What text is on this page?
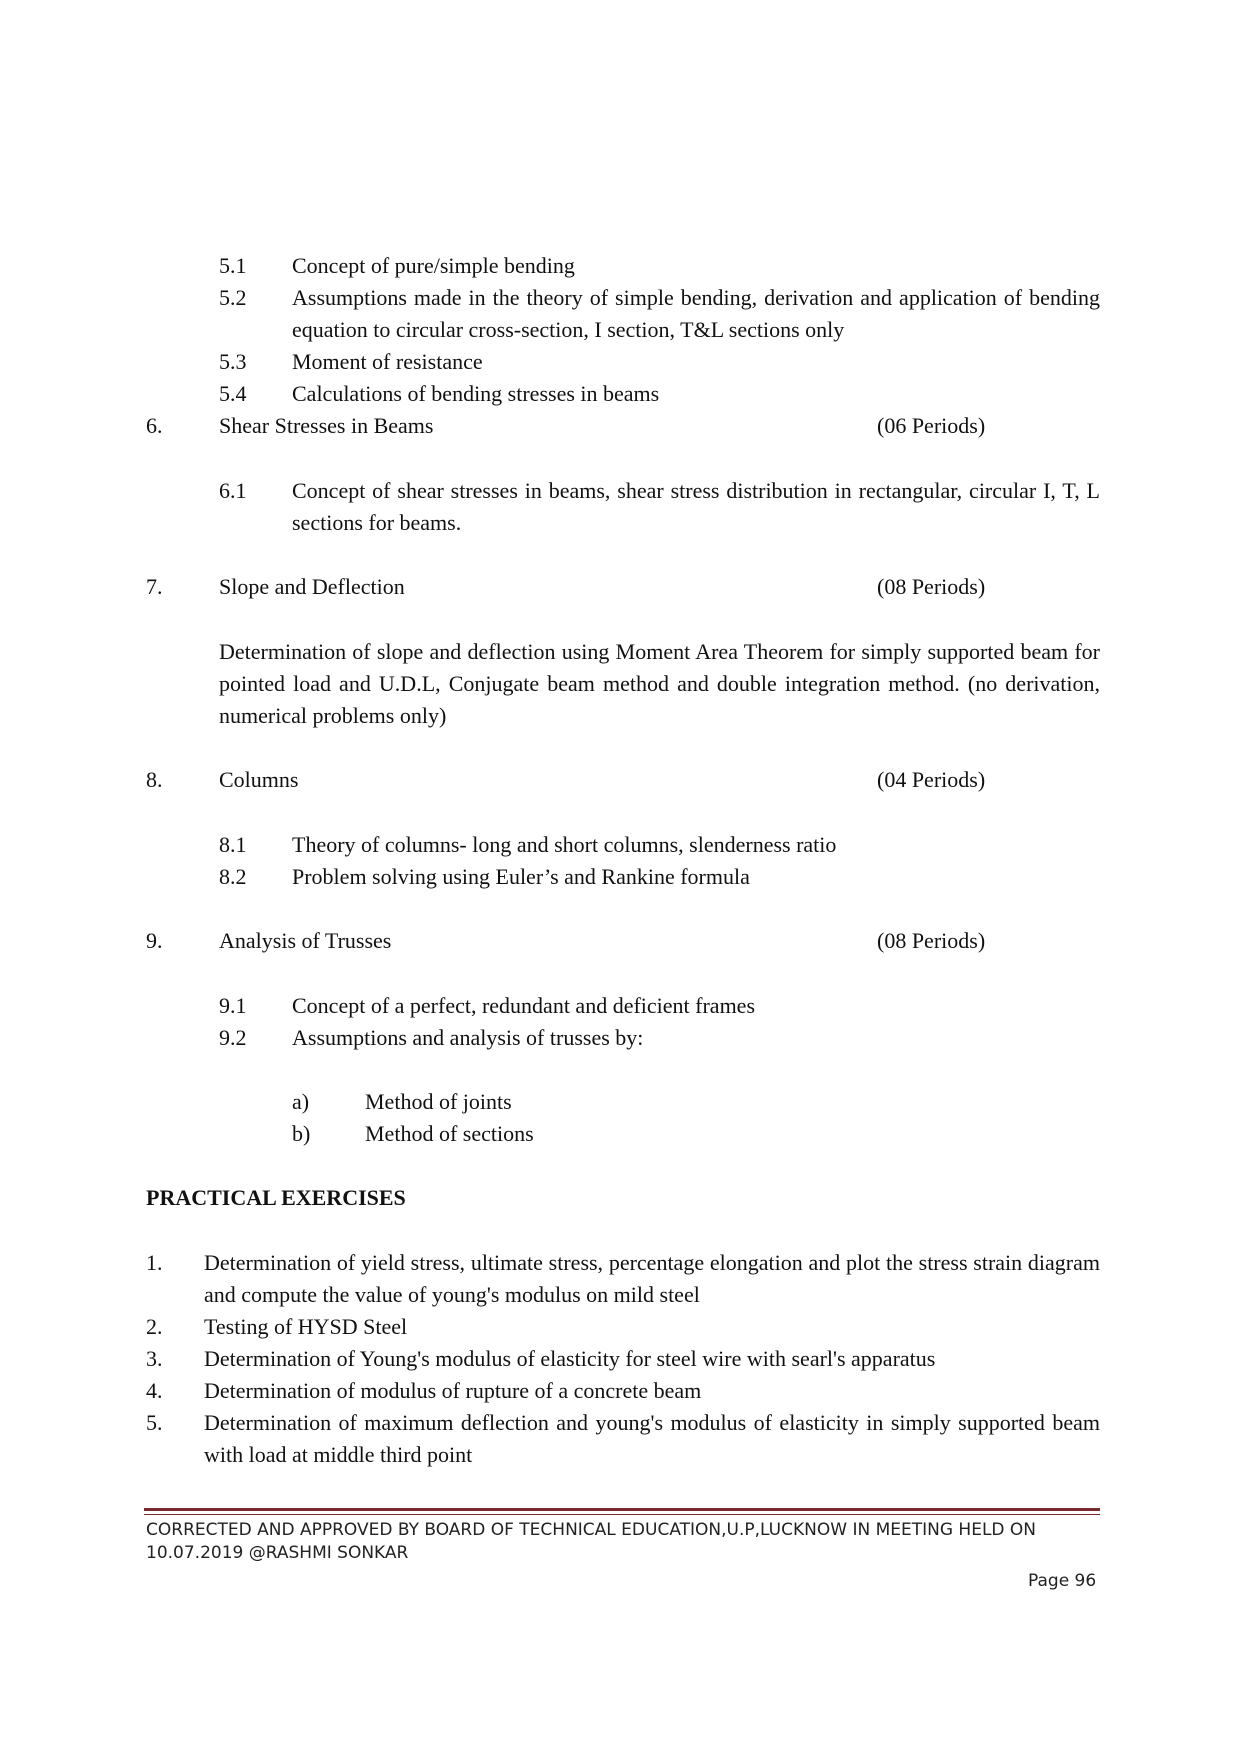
5.1 Concept of pure/simple bending
5.2 Assumptions made in the theory of simple bending, derivation and application of bending equation to circular cross-section, I section, T&L sections only
5.3 Moment of resistance
5.4 Calculations of bending stresses in beams
6.	Shear Stresses in Beams	(06 Periods)
6.1 Concept of shear stresses in beams, shear stress distribution in rectangular, circular I, T, L sections for beams.
7.	Slope and Deflection	(08 Periods)
Determination of slope and deflection using Moment Area Theorem for simply supported beam for pointed load and U.D.L, Conjugate beam method and double integration method. (no derivation, numerical problems only)
8.	Columns	(04 Periods)
8.1 Theory of columns- long and short columns, slenderness ratio
8.2 Problem solving using Euler’s and Rankine formula
9.	Analysis of Trusses	(08 Periods)
9.1 Concept of a perfect, redundant and deficient frames
9.2 Assumptions and analysis of trusses by:
a)	Method of joints
b) Method of sections
PRACTICAL EXERCISES
1. Determination of yield stress, ultimate stress, percentage elongation and plot the stress strain diagram and compute the value of young's modulus on mild steel
2. Testing of HYSD Steel
3. Determination of Young's modulus of elasticity for steel wire with searl's apparatus
4. Determination of modulus of rupture of a concrete beam
5. Determination of maximum deflection and young's modulus of elasticity in simply supported beam with load at middle third point
CORRECTED AND APPROVED BY BOARD OF TECHNICAL EDUCATION,U.P,LUCKNOW IN MEETING HELD ON
10.07.2019 @RASHMI SONKAR
Page 96
